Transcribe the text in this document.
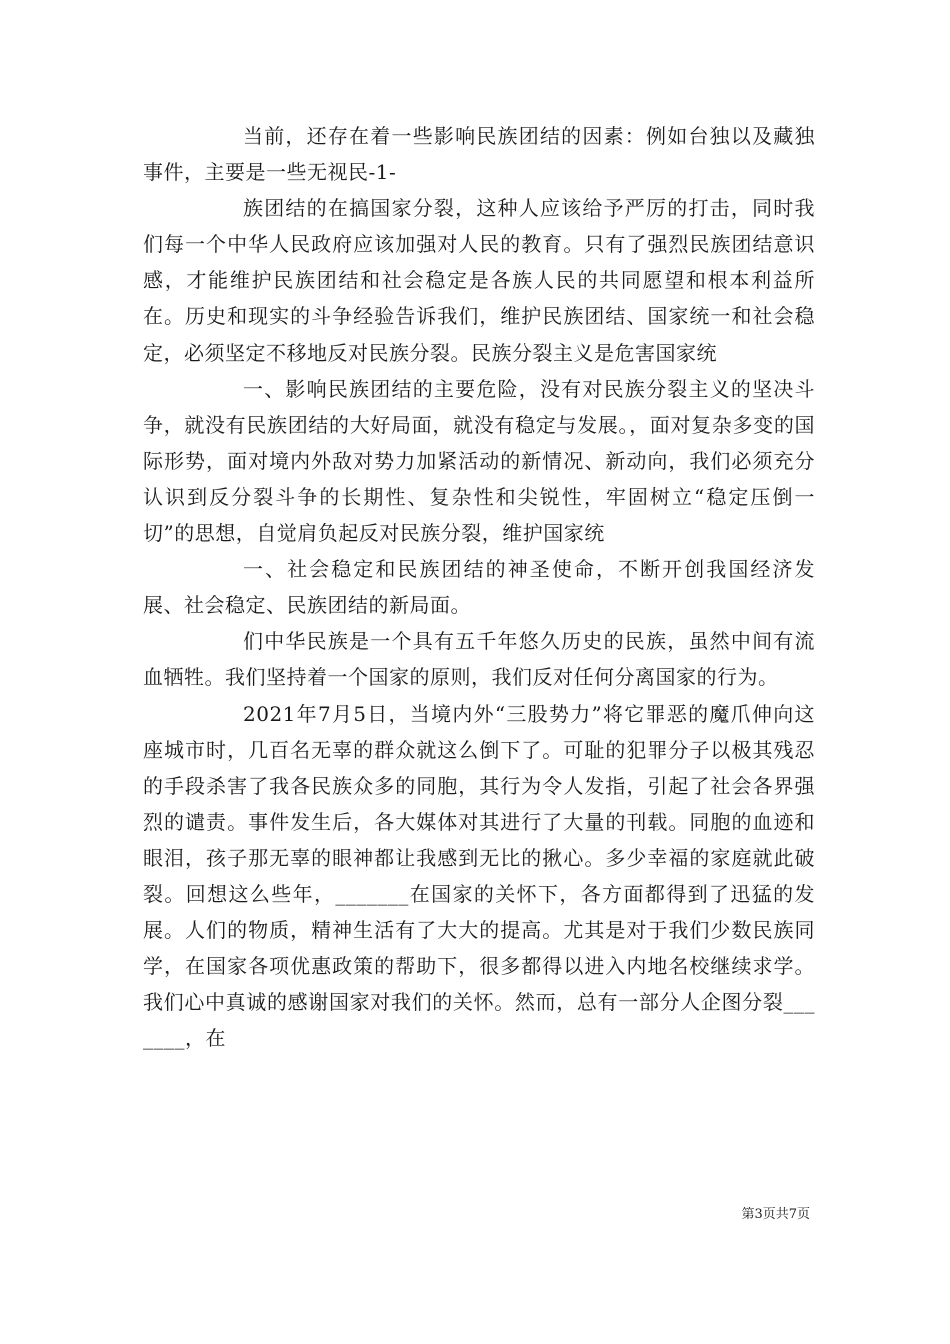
当前，还存在着一些影响民族团结的因素：例如台独以及藏独事件，主要是一些无视民-1-

族团结的在搞国家分裂，这种人应该给予严厉的打击，同时我们每一个中华人民政府应该加强对人民的教育。只有了强烈民族团结意识感，才能维护民族团结和社会稳定是各族人民的共同愿望和根本利益所在。历史和现实的斗争经验告诉我们，维护民族团结、国家统一和社会稳定，必须坚定不移地反对民族分裂。民族分裂主义是危害国家统

一、影响民族团结的主要危险，没有对民族分裂主义的坚决斗争，就没有民族团结的大好局面，就没有稳定与发展。，面对复杂多变的国际形势，面对境内外敌对势力加紧活动的新情况、新动向，我们必须充分认识到反分裂斗争的长期性、复杂性和尖锐性，牢固树立“稳定压倒一切”的思想，自觉肩负起反对民族分裂，维护国家统

一、社会稳定和民族团结的神圣使命，不断开创我国经济发展、社会稳定、民族团结的新局面。

们中华民族是一个具有五千年悠久历史的民族，虽然中间有流血牺牲。我们坚持着一个国家的原则，我们反对任何分离国家的行为。

2021年7月5日，当境内外“三股势力”将它罪恶的魔爪伸向这座城市时，几百名无辜的群众就这么倒下了。可耻的犯罪分子以极其残忍的手段杀害了我各民族众多的同胞，其行为令人发指，引起了社会各界强烈的谴责。事件发生后，各大媒体对其进行了大量的刊载。同胞的血迹和眼泪，孩子那无辜的眼神都让我感到无比的揪心。多少幸福的家庭就此破裂。回想这么些年，_______在国家的关怀下，各方面都得到了迅猛的发展。人们的物质，精神生活有了大大的提高。尤其是对于我们少数民族同学，在国家各项优惠政策的帮助下，很多都得以进入内地名校继续求学。我们心中真诚的感谢国家对我们的关怀。然而，总有一部分人企图分裂_______，在

第3页共7页
